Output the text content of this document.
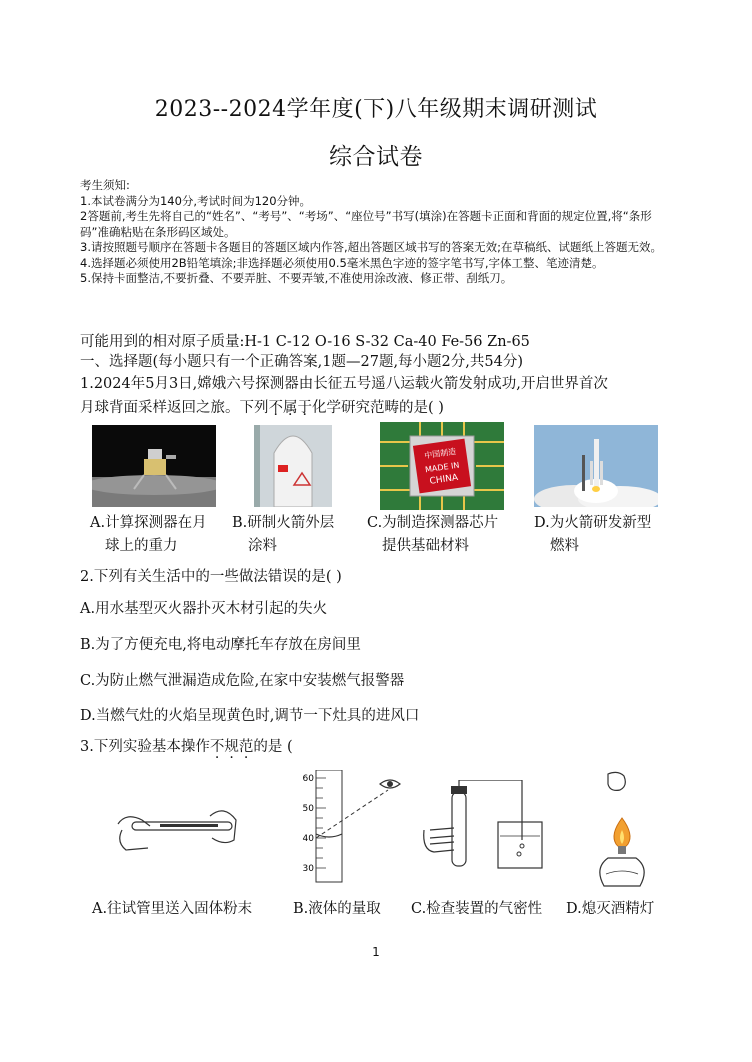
2023--2024学年度(下)八年级期末调研测试
综合试卷

考生须知:

1.本试卷满分为140分,考试时间为120分钟。

2答题前,考生先将自己的“姓名”、“考号”、“考场”、“座位号”书写(填涂)在答题卡正面和背面的规定位置,将“条形码”准确粘贴在条形码区域处。

3.请按照题号顺序在答题卡各题目的答题区域内作答,超出答题区域书写的答案无效;在草稿纸、试题纸上答题无效。

4.选择题必须使用2B铅笔填涂;非选择题必须使用0.5毫米黑色字迹的签字笔书写,字体工整、笔迹清楚。

5.保持卡面整洁,不要折叠、不要弄脏、不要弄皱,不准使用涂改液、修正带、刮纸刀。

可能用到的相对原子质量:H-1 C-12 O-16 S-32 Ca-40 Fe-56 Zn-65
一、选择题(每小题只有一个正确答案,1题—27题,每小题2分,共54分)

1.2024年5月3日,嫦娥六号探测器由长征五号遥八运载火箭发射成功,开启世界首次

月球背面采样返回之旅。下列不属于化学研究范畴的是( )

中国制造
MADE IN
CHINA
A.计算探测器在月
球上的重力
B.研制火箭外层
涂料
C.为制造探测器芯片
提供基础材料
D.为火箭研发新型
燃料
2.下列有关生活中的一些做法错误的是( )
A.用水基型灭火器扑灭木材引起的失火
B.为了方便充电,将电动摩托车存放在房间里
C.为防止燃气泄漏造成危险,在家中安装燃气报警器
D.当燃气灶的火焰呈现黄色时,调节一下灶具的进风口
3.下列实验基本操作不规范的是 (
60
50
40
30
A.往试管里送入固体粉末	B.液体的量取 C.检查装置的气密性 D.熄灭酒精灯
1
